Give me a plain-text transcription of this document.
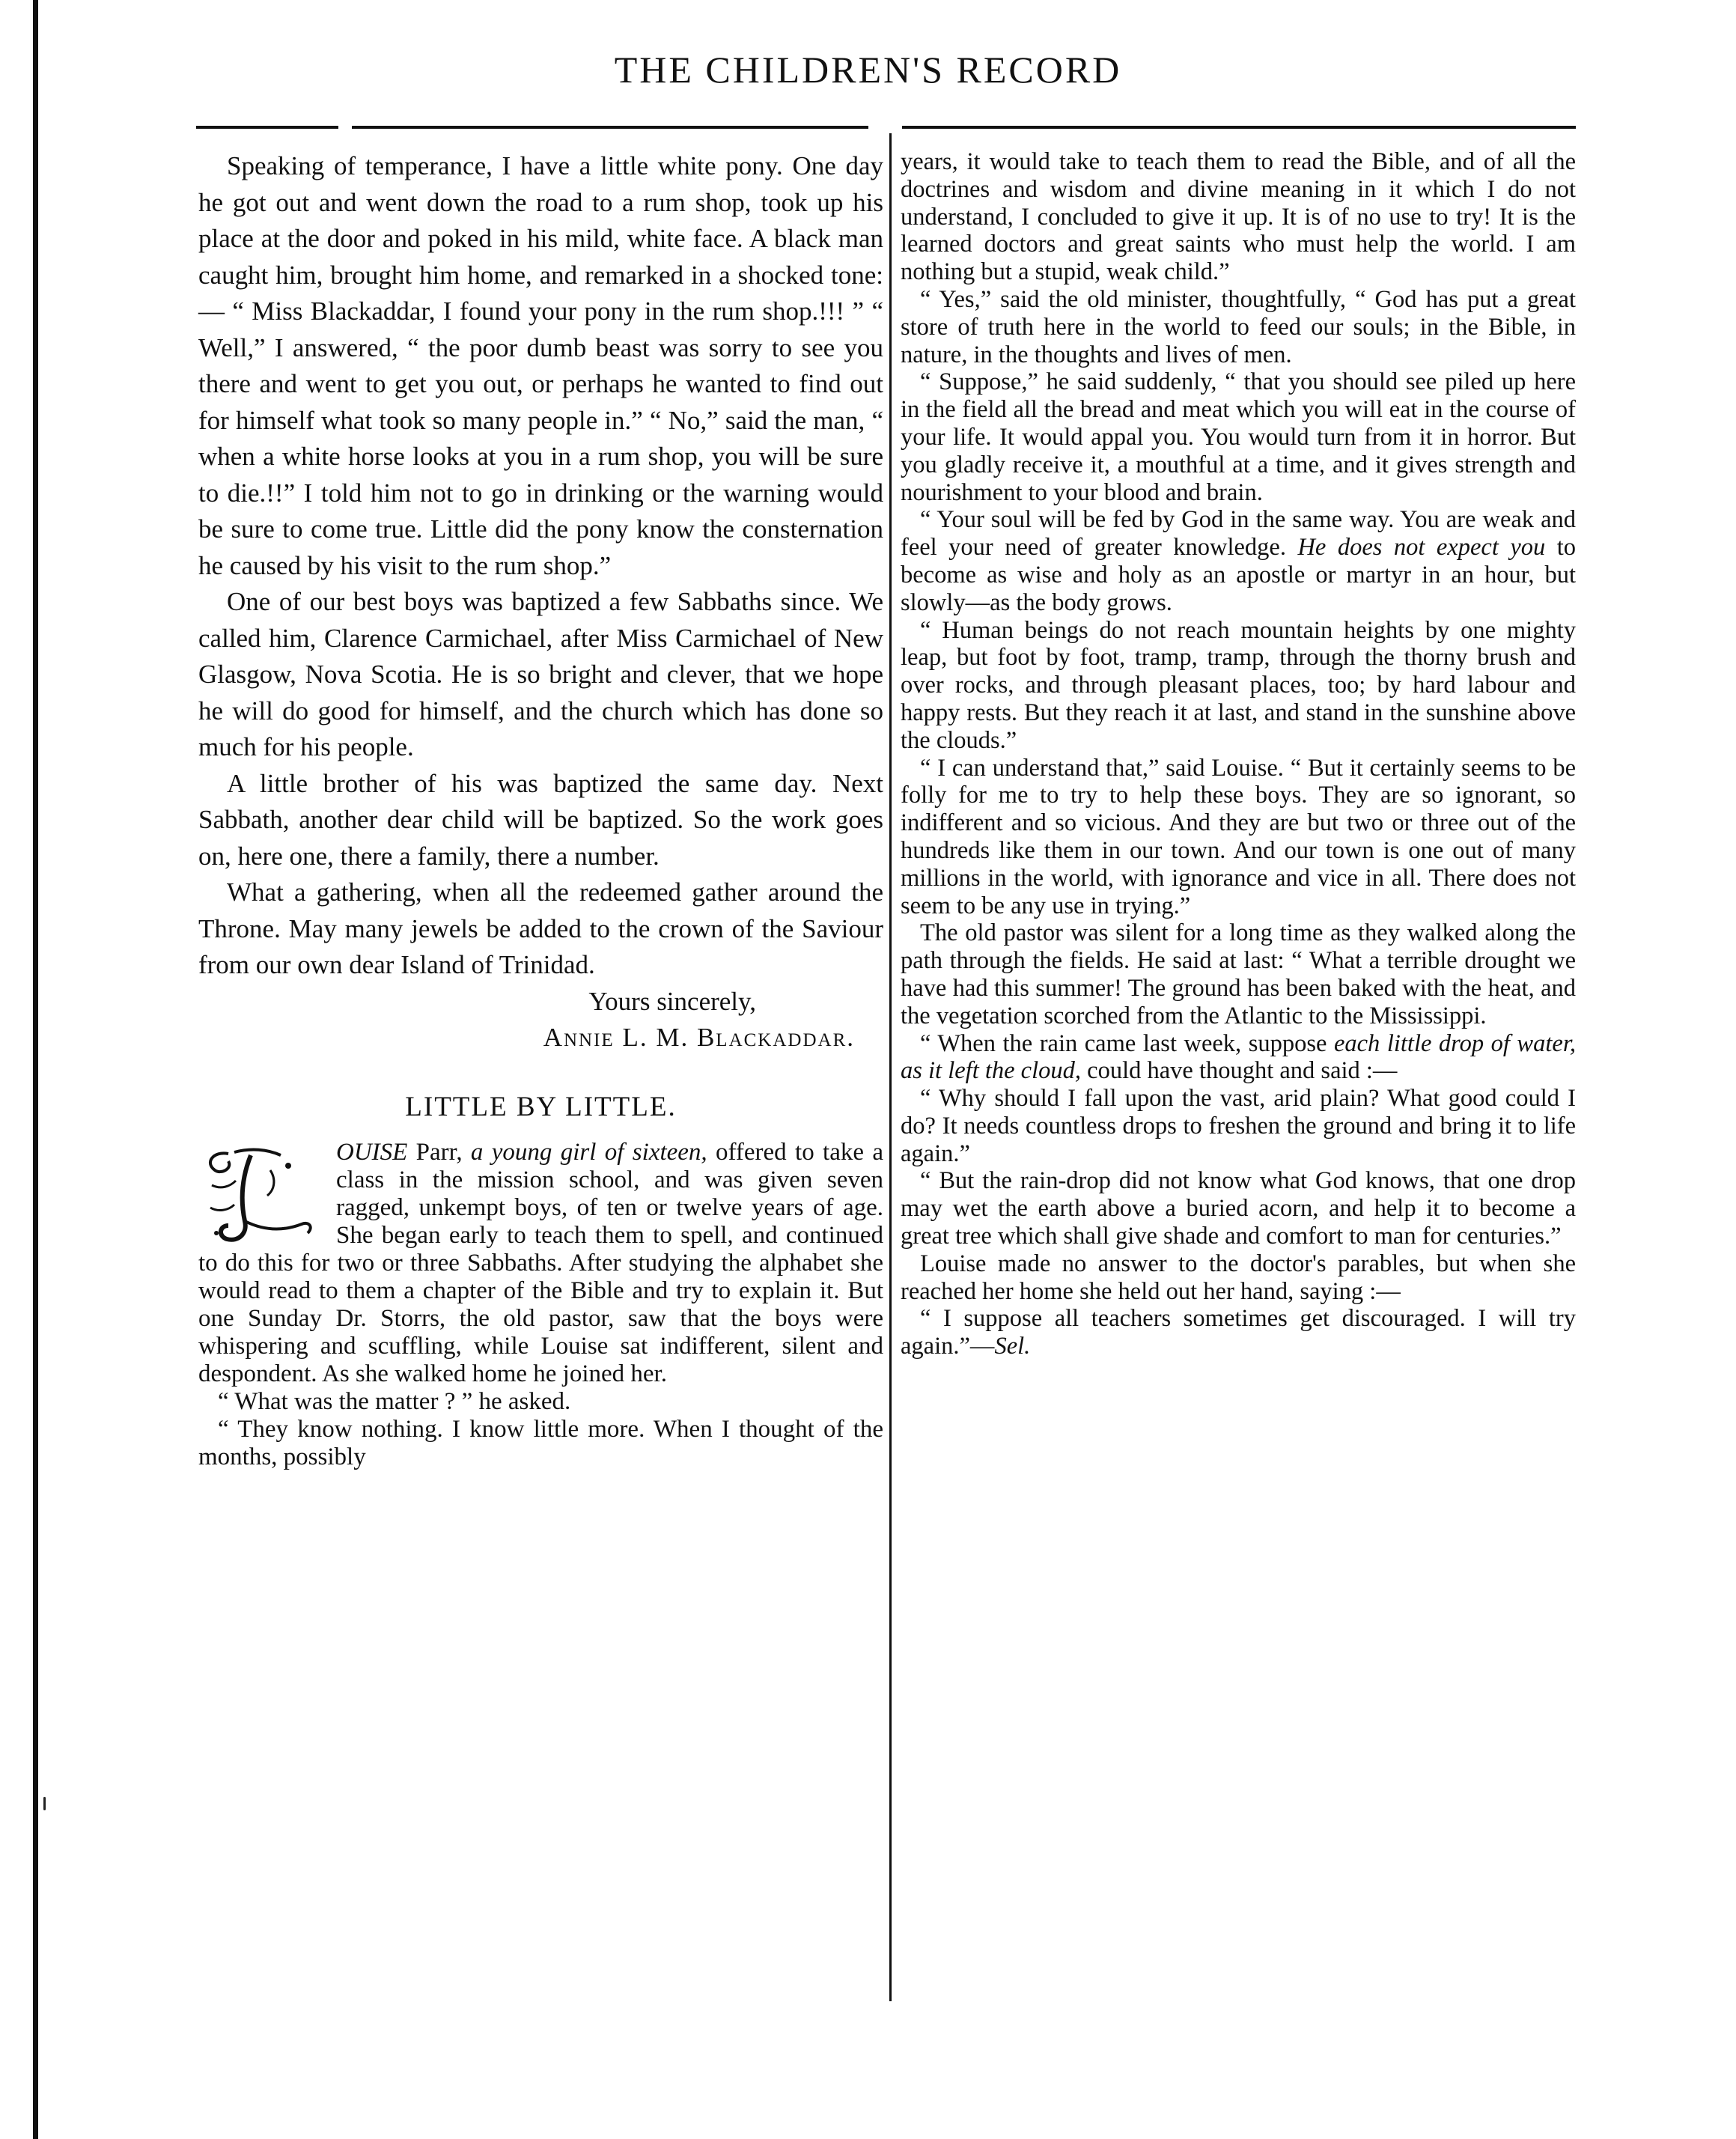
THE CHILDREN'S RECORD

Speaking of temperance, I have a little white pony. One day he got out and went down the road to a rum shop, took up his place at the door and poked in his mild, white face. A black man caught him, brought him home, and remarked in a shocked tone:— “ Miss Blackaddar, I found your pony in the rum shop.!!! ” “ Well,” I answered, “ the poor dumb beast was sorry to see you there and went to get you out, or perhaps he wanted to find out for himself what took so many people in.” “ No,” said the man, “ when a white horse looks at you in a rum shop, you will be sure to die.!!” I told him not to go in drinking or the warning would be sure to come true. Little did the pony know the consternation he caused by his visit to the rum shop.”

One of our best boys was baptized a few Sabbaths since. We called him, Clarence Carmichael, after Miss Carmichael of New Glasgow, Nova Scotia. He is so bright and clever, that we hope he will do good for himself, and the church which has done so much for his people.

A little brother of his was baptized the same day. Next Sabbath, another dear child will be baptized. So the work goes on, here one, there a family, there a number.

What a gathering, when all the redeemed gather around the Throne. May many jewels be added to the crown of the Saviour from our own dear Island of Trinidad.

Yours sincerely,
Annie L. M. Blackaddar.
LITTLE BY LITTLE.

OUISE Parr, a young girl of sixteen, offered to take a class in the mission school, and was given seven ragged, unkempt boys, of ten or twelve years of age. She began early to teach them to spell, and continued to do this for two or three Sabbaths. After studying the alphabet she would read to them a chapter of the Bible and try to explain it. But one Sunday Dr. Storrs, the old pastor, saw that the boys were whispering and scuffling, while Louise sat indifferent, silent and despondent. As she walked home he joined her.

“ What was the matter ? ” he asked.

“ They know nothing. I know little more. When I thought of the months, possibly

years, it would take to teach them to read the Bible, and of all the doctrines and wisdom and divine meaning in it which I do not understand, I concluded to give it up. It is of no use to try! It is the learned doctors and great saints who must help the world. I am nothing but a stupid, weak child.”

“ Yes,” said the old minister, thoughtfully, “ God has put a great store of truth here in the world to feed our souls; in the Bible, in nature, in the thoughts and lives of men.

“ Suppose,” he said suddenly, “ that you should see piled up here in the field all the bread and meat which you will eat in the course of your life. It would appal you. You would turn from it in horror. But you gladly receive it, a mouthful at a time, and it gives strength and nourishment to your blood and brain.

“ Your soul will be fed by God in the same way. You are weak and feel your need of greater knowledge. He does not expect you to become as wise and holy as an apostle or martyr in an hour, but slowly—as the body grows.

“ Human beings do not reach mountain heights by one mighty leap, but foot by foot, tramp, tramp, through the thorny brush and over rocks, and through pleasant places, too; by hard labour and happy rests. But they reach it at last, and stand in the sunshine above the clouds.”

“ I can understand that,” said Louise. “ But it certainly seems to be folly for me to try to help these boys. They are so ignorant, so indifferent and so vicious. And they are but two or three out of the hundreds like them in our town. And our town is one out of many millions in the world, with ignorance and vice in all. There does not seem to be any use in trying.”

The old pastor was silent for a long time as they walked along the path through the fields. He said at last: “ What a terrible drought we have had this summer! The ground has been baked with the heat, and the vegetation scorched from the Atlantic to the Mississippi.

“ When the rain came last week, suppose each little drop of water, as it left the cloud, could have thought and said :—

“ Why should I fall upon the vast, arid plain? What good could I do? It needs countless drops to freshen the ground and bring it to life again.”

“ But the rain-drop did not know what God knows, that one drop may wet the earth above a buried acorn, and help it to become a great tree which shall give shade and comfort to man for centuries.”

Louise made no answer to the doctor's parables, but when she reached her home she held out her hand, saying :—

“ I suppose all teachers sometimes get discouraged. I will try again.”—Sel.
